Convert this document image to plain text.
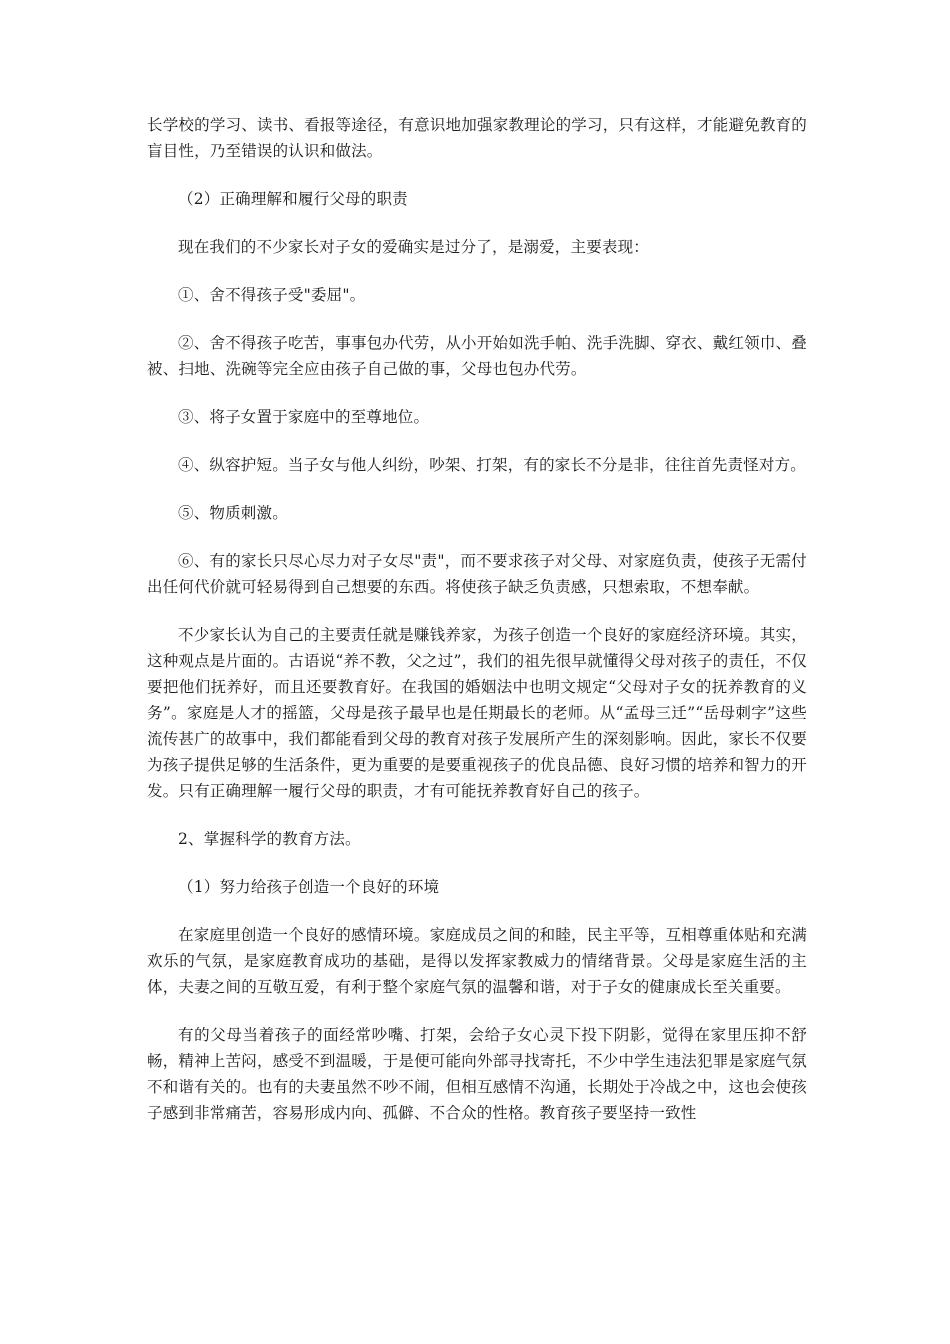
长学校的学习、读书、看报等途径，有意识地加强家教理论的学习，只有这样，才能避免教育的盲目性，乃至错误的认识和做法。

（2）正确理解和履行父母的职责

现在我们的不少家长对子女的爱确实是过分了，是溺爱，主要表现：

①、舍不得孩子受"委屈"。

②、舍不得孩子吃苦，事事包办代劳，从小开始如洗手帕、洗手洗脚、穿衣、戴红领巾、叠被、扫地、洗碗等完全应由孩子自己做的事，父母也包办代劳。

③、将子女置于家庭中的至尊地位。

④、纵容护短。当子女与他人纠纷，吵架、打架，有的家长不分是非，往往首先责怪对方。

⑤、物质刺激。

⑥、有的家长只尽心尽力对子女尽"责"，而不要求孩子对父母、对家庭负责，使孩子无需付出任何代价就可轻易得到自己想要的东西。将使孩子缺乏负责感，只想索取，不想奉献。

不少家长认为自己的主要责任就是赚钱养家，为孩子创造一个良好的家庭经济环境。其实，这种观点是片面的。古语说“养不教，父之过”，我们的祖先很早就懂得父母对孩子的责任，不仅要把他们抚养好，而且还要教育好。在我国的婚姻法中也明文规定“父母对子女的抚养教育的义务”。家庭是人才的摇篮，父母是孩子最早也是任期最长的老师。从“孟母三迁”“岳母刺字”这些流传甚广的故事中，我们都能看到父母的教育对孩子发展所产生的深刻影响。因此，家长不仅要为孩子提供足够的生活条件，更为重要的是要重视孩子的优良品德、良好习惯的培养和智力的开发。只有正确理解一履行父母的职责，才有可能抚养教育好自己的孩子。

2、掌握科学的教育方法。

（1）努力给孩子创造一个良好的环境

在家庭里创造一个良好的感情环境。家庭成员之间的和睦，民主平等，互相尊重体贴和充满欢乐的气氛，是家庭教育成功的基础，是得以发挥家教威力的情绪背景。父母是家庭生活的主体，夫妻之间的互敬互爱，有利于整个家庭气氛的温馨和谐，对于子女的健康成长至关重要。

有的父母当着孩子的面经常吵嘴、打架，会给子女心灵下投下阴影，觉得在家里压抑不舒畅，精神上苦闷，感受不到温暖，于是便可能向外部寻找寄托，不少中学生违法犯罪是家庭气氛不和谐有关的。也有的夫妻虽然不吵不闹，但相互感情不沟通，长期处于冷战之中，这也会使孩子感到非常痛苦，容易形成内向、孤僻、不合众的性格。教育孩子要坚持一致性
